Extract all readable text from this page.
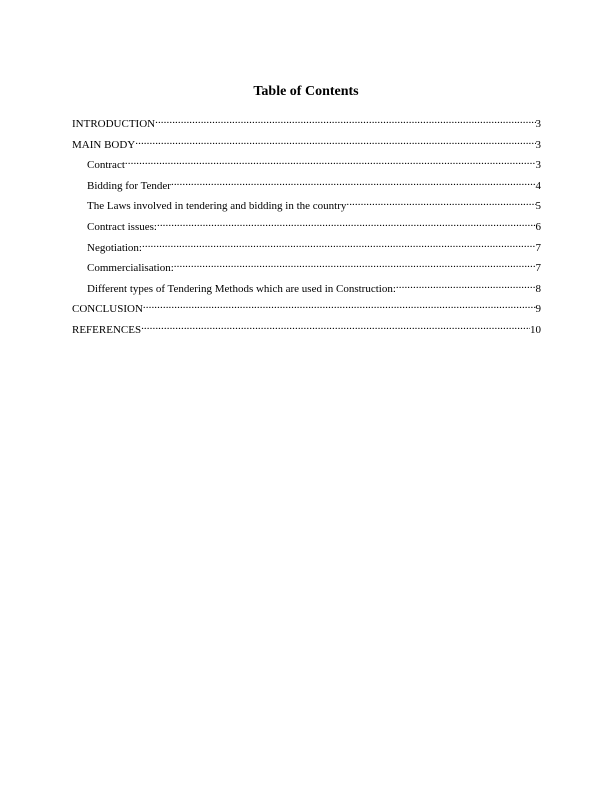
Table of Contents
INTRODUCTION .....	3
MAIN BODY .....	3
Contract .....	3
Bidding for Tender .....	4
The Laws involved in tendering and bidding in the country .....	5
Contract issues: .....	6
Negotiation: .....	7
Commercialisation: .....	7
Different types of Tendering Methods which are used in Construction: .....	8
CONCLUSION .....	9
REFERENCES .....	10
